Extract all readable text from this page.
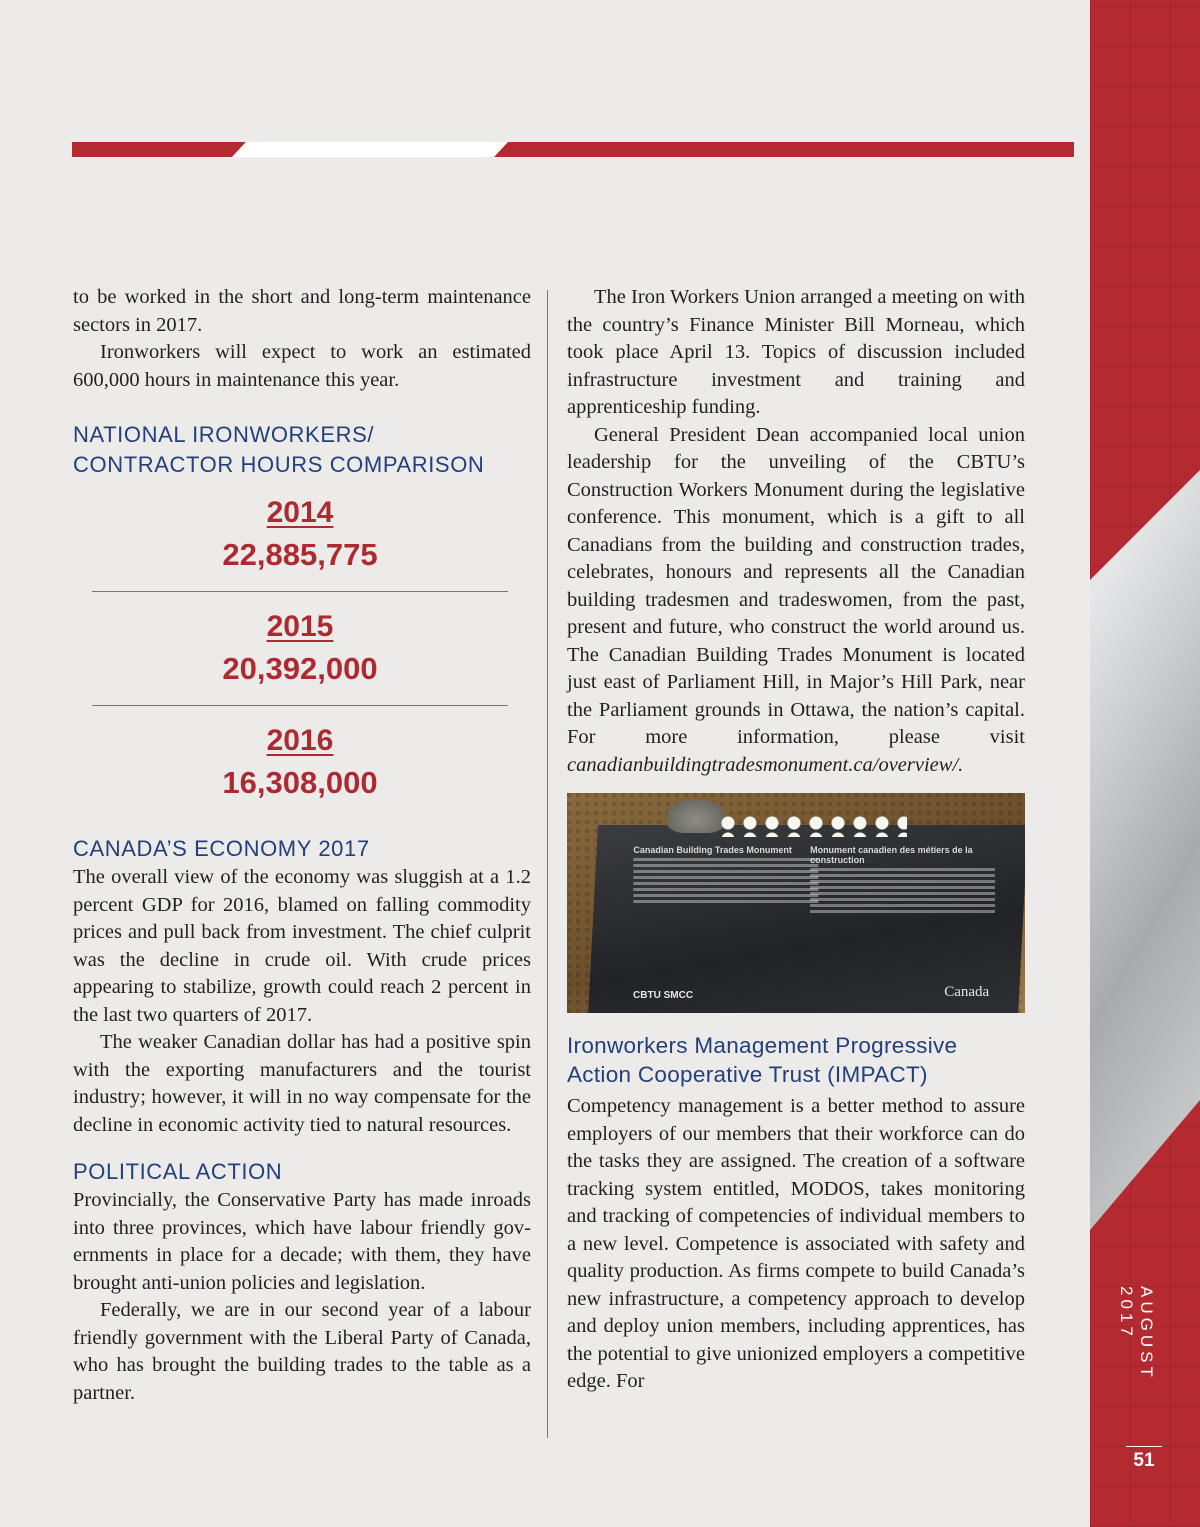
AUGUST 2017
51

to be worked in the short and long-term maintenance sectors in 2017.

Ironworkers will expect to work an estimated 600,000 hours in maintenance this year.

NATIONAL IRONWORKERS/

CONTRACTOR HOURS COMPARISON

2014
22,885,775
2015
20,392,000
2016
16,308,000

CANADA’S ECONOMY 2017

The overall view of the economy was sluggish at a 1.2 percent GDP for 2016, blamed on falling commodity prices and pull back from investment. The chief culprit was the decline in crude oil. With crude prices appearing to stabilize, growth could reach 2 percent in the last two quarters of 2017.

The weaker Canadian dollar has had a positive spin with the exporting manufacturers and the tourist industry; however, it will in no way compensate for the decline in economic activity tied to natural resources.

POLITICAL ACTION

Provincially, the Conservative Party has made inroads into three provinces, which have labour friendly governments in place for a decade; with them, they have brought anti-union policies and legislation.

Federally, we are in our second year of a labour friendly government with the Liberal Party of Canada, who has brought the building trades to the table as a partner.

The Iron Workers Union arranged a meeting on with the country’s Finance Minister Bill Morneau, which took place April 13. Topics of discussion included infrastructure investment and training and apprenticeship funding.

General President Dean accompanied local union leadership for the unveiling of the CBTU’s Construction Workers Monument during the legislative conference. This monument, which is a gift to all Canadians from the building and construction trades, celebrates, honours and represents all the Canadian building tradesmen and tradeswomen, from the past, present and future, who construct the world around us. The Canadian Building Trades Monument is located just east of Parliament Hill, in Major’s Hill Park, near the Parliament grounds in Ottawa, the nation’s capital. For more information, please visit canadianbuildingtradesmonument.ca/overview/.

Canadian Building Trades Monument	Monument canadien des métiers de la construction
CBTU SMCC	Canada

Ironworkers Management Progressive Action Cooperative Trust (IMPACT)

Competency management is a better method to assure employers of our members that their workforce can do the tasks they are assigned. The creation of a software tracking system entitled, MODOS, takes monitoring and tracking of competencies of individual members to a new level. Competence is associated with safety and quality production. As firms compete to build Canada’s new infrastructure, a competency approach to develop and deploy union members, including apprentices, has the potential to give unionized employers a competitive edge. For
